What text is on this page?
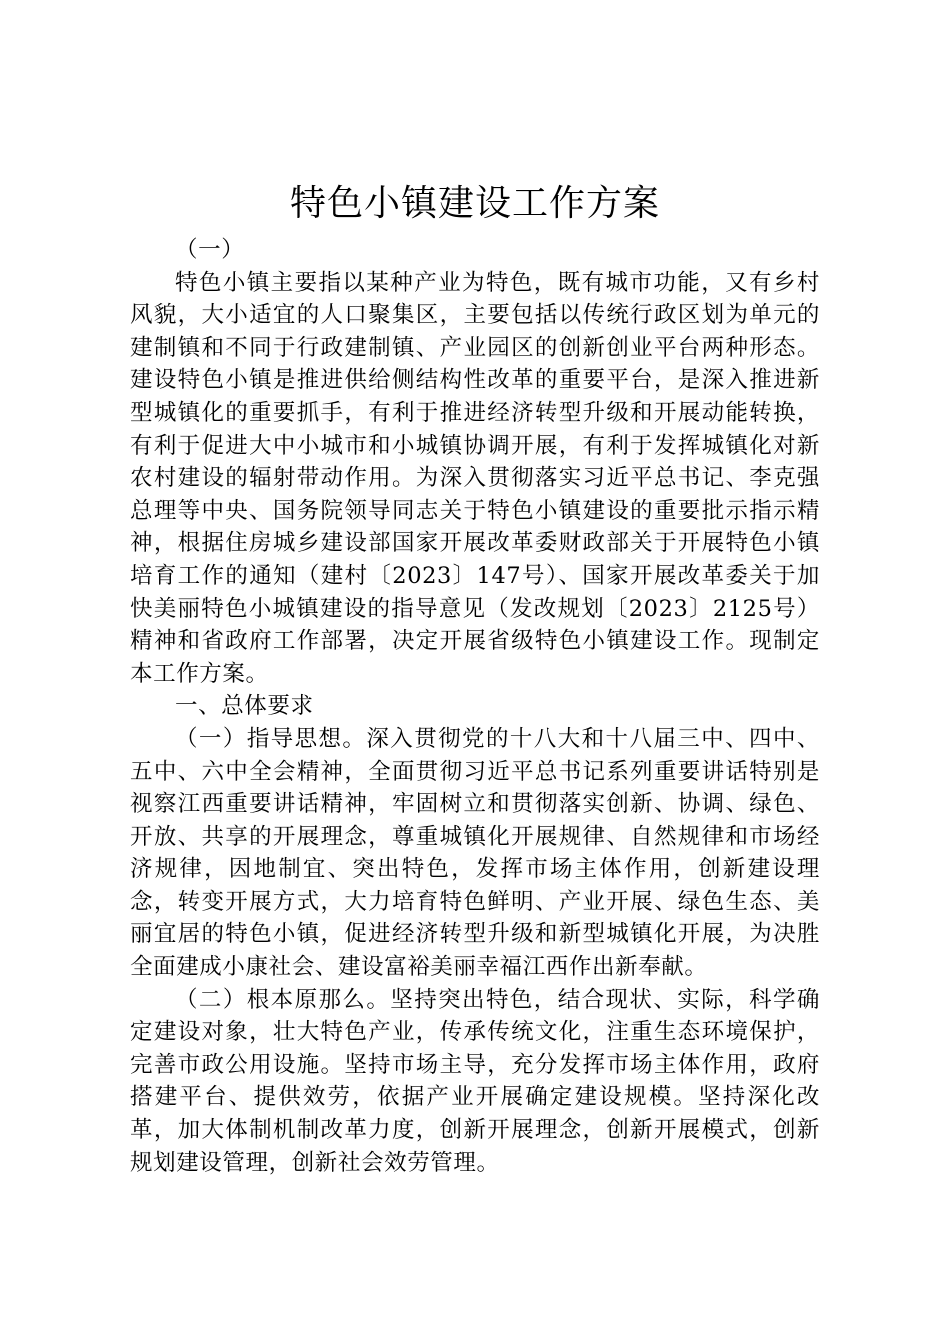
特色小镇建设工作方案

（一）

特色小镇主要指以某种产业为特色，既有城市功能，又有乡村风貌，大小适宜的人口聚集区，主要包括以传统行政区划为单元的建制镇和不同于行政建制镇、产业园区的创新创业平台两种形态。建设特色小镇是推进供给侧结构性改革的重要平台，是深入推进新型城镇化的重要抓手，有利于推进经济转型升级和开展动能转换，有利于促进大中小城市和小城镇协调开展，有利于发挥城镇化对新农村建设的辐射带动作用。为深入贯彻落实习近平总书记、李克强总理等中央、国务院领导同志关于特色小镇建设的重要批示指示精神，根据住房城乡建设部国家开展改革委财政部关于开展特色小镇培育工作的通知（建村〔2023〕147号）、国家开展改革委关于加快美丽特色小城镇建设的指导意见（发改规划〔2023〕2125号）精神和省政府工作部署，决定开展省级特色小镇建设工作。现制定本工作方案。

一、总体要求

（一）指导思想。深入贯彻党的十八大和十八届三中、四中、五中、六中全会精神，全面贯彻习近平总书记系列重要讲话特别是视察江西重要讲话精神，牢固树立和贯彻落实创新、协调、绿色、开放、共享的开展理念，尊重城镇化开展规律、自然规律和市场经济规律，因地制宜、突出特色，发挥市场主体作用，创新建设理念，转变开展方式，大力培育特色鲜明、产业开展、绿色生态、美丽宜居的特色小镇，促进经济转型升级和新型城镇化开展，为决胜全面建成小康社会、建设富裕美丽幸福江西作出新奉献。

（二）根本原那么。坚持突出特色，结合现状、实际，科学确定建设对象，壮大特色产业，传承传统文化，注重生态环境保护，完善市政公用设施。坚持市场主导，充分发挥市场主体作用，政府搭建平台、提供效劳，依据产业开展确定建设规模。坚持深化改革，加大体制机制改革力度，创新开展理念，创新开展模式，创新规划建设管理，创新社会效劳管理。
